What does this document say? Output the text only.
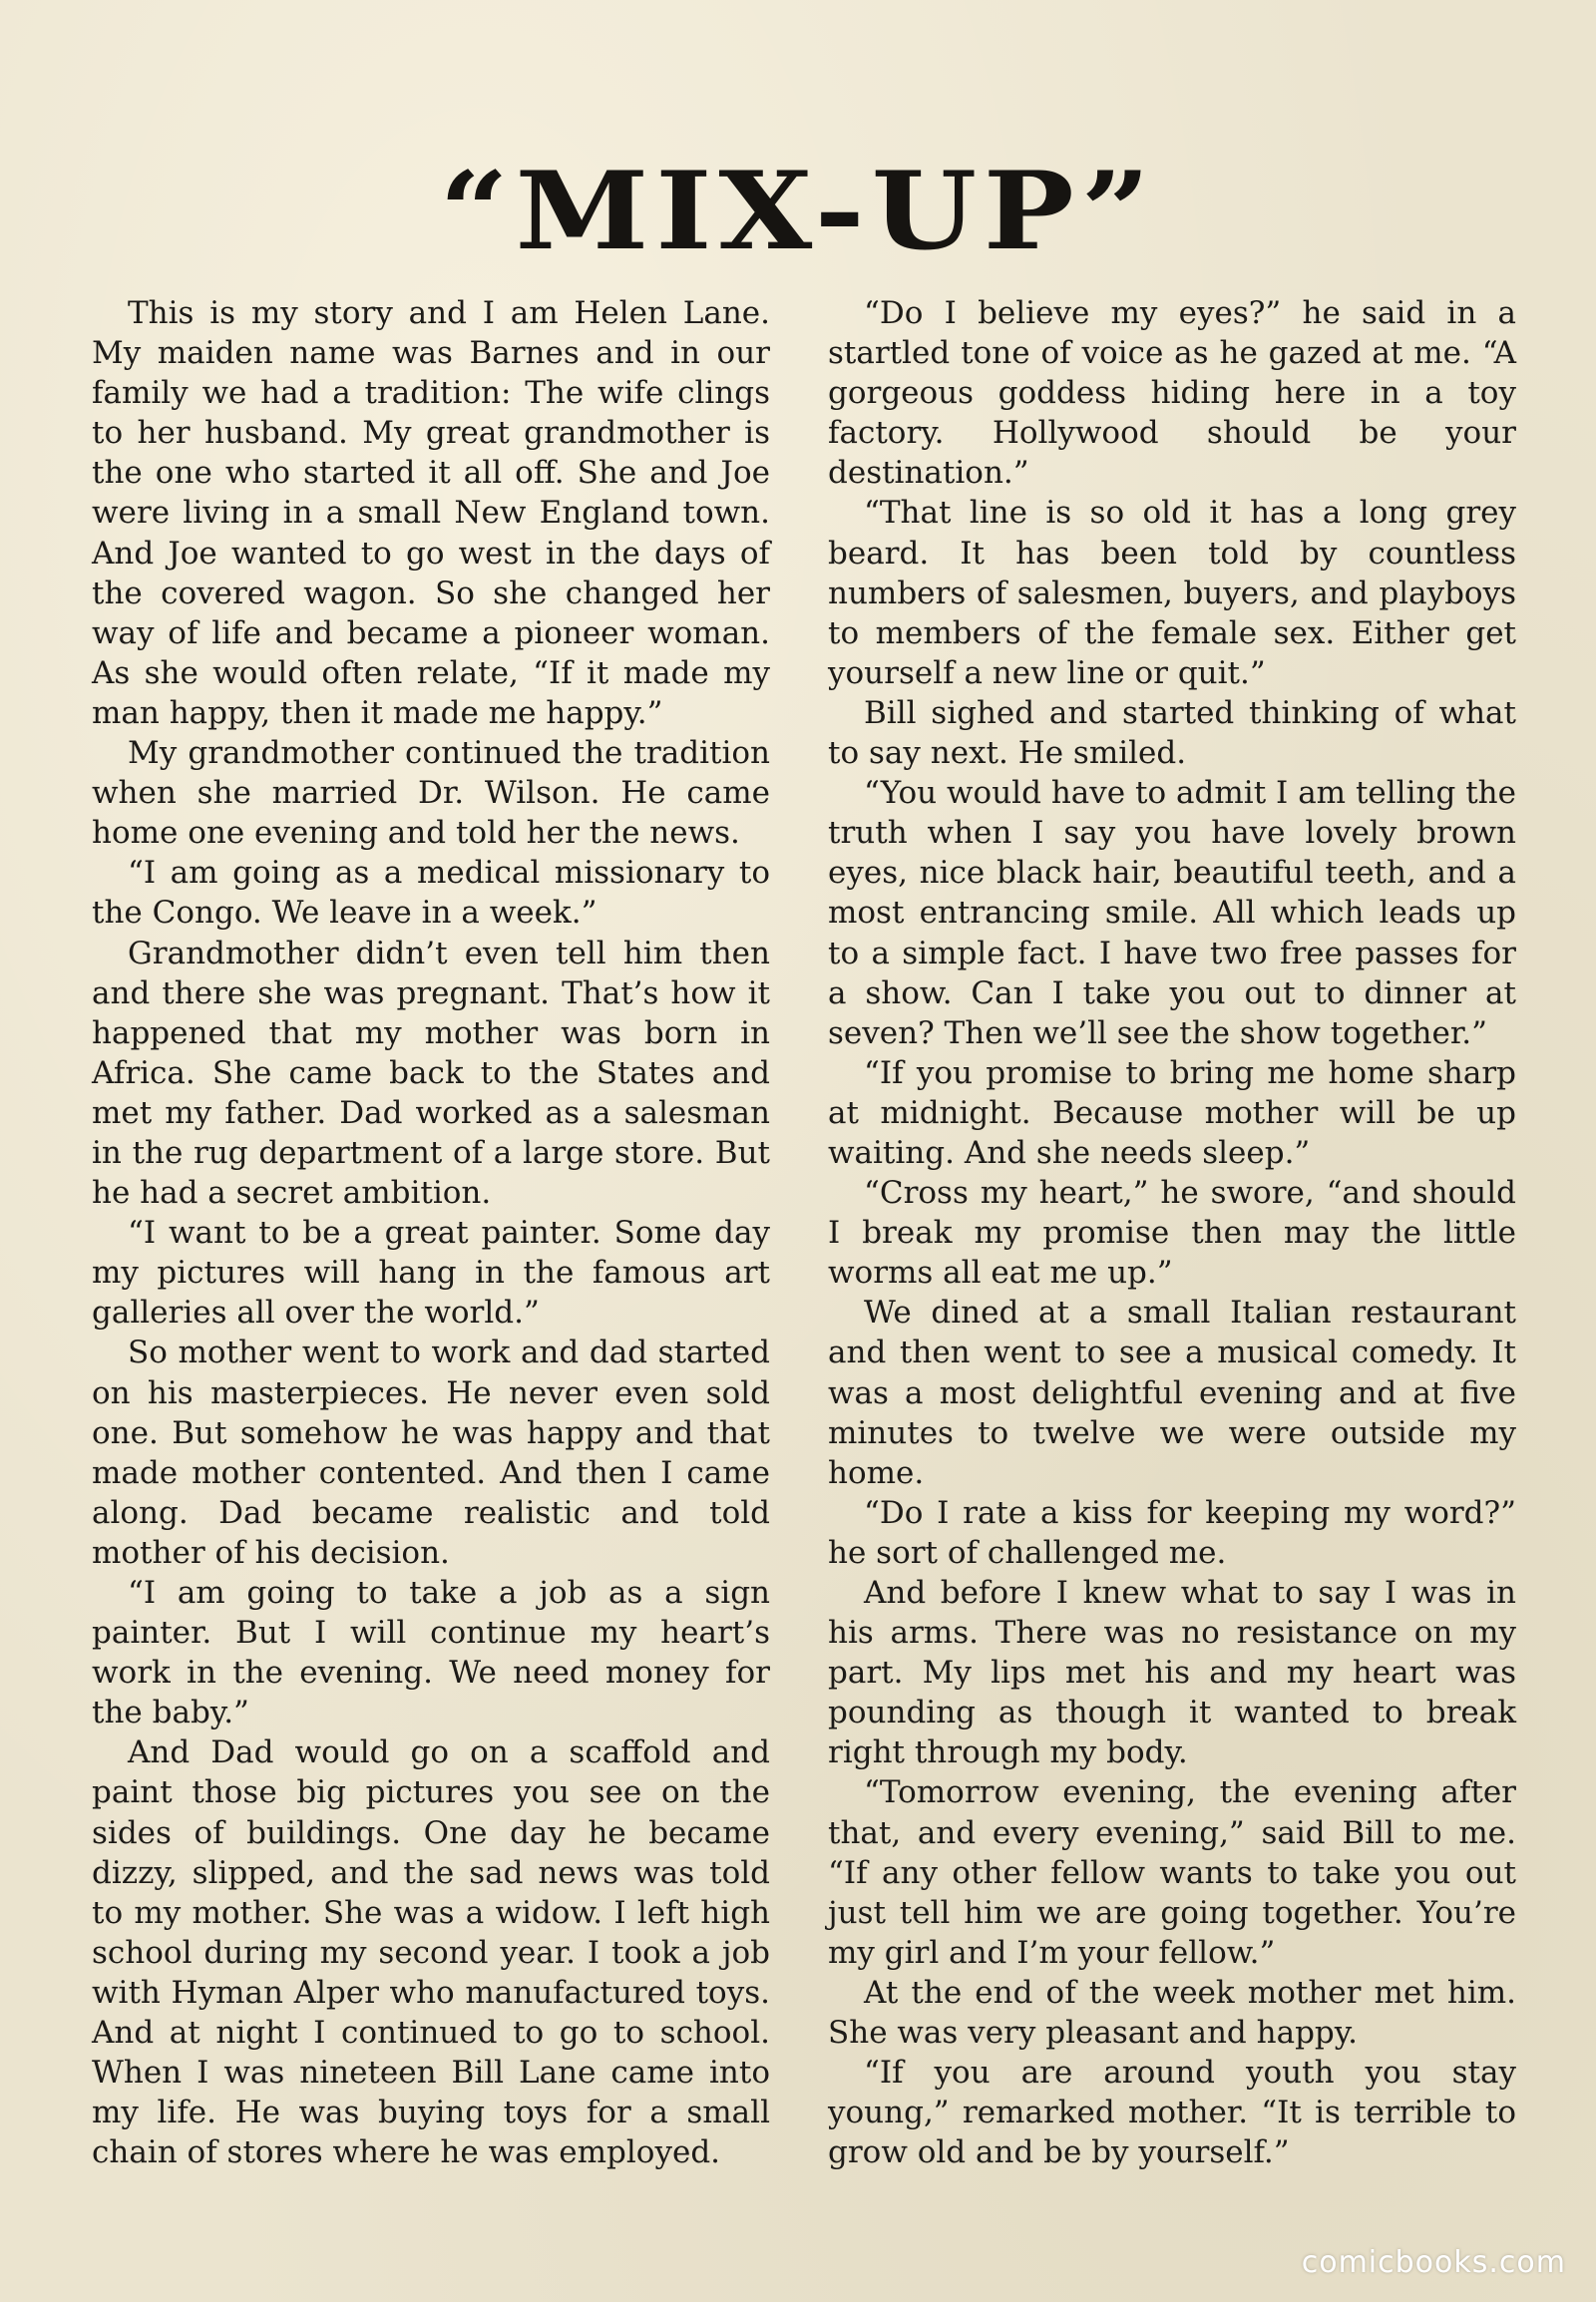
“MIX-UP”

This is my story and I am Helen Lane. My maiden name was Barnes and in our family we had a tradition: The wife clings to her husband. My great grandmother is the one who started it all off. She and Joe were living in a small New England town. And Joe wanted to go west in the days of the covered wagon. So she changed her way of life and became a pioneer woman. As she would often relate, “If it made my man happy, then it made me happy.”

My grandmother continued the tradition when she married Dr. Wilson. He came home one evening and told her the news.

“I am going as a medical missionary to the Congo. We leave in a week.”

Grandmother didn’t even tell him then and there she was pregnant. That’s how it happened that my mother was born in Africa. She came back to the States and met my father. Dad worked as a salesman in the rug department of a large store. But he had a secret ambition.

“I want to be a great painter. Some day my pictures will hang in the famous art galleries all over the world.”

So mother went to work and dad started on his masterpieces. He never even sold one. But somehow he was happy and that made mother contented. And then I came along. Dad became realistic and told mother of his decision.

“I am going to take a job as a sign painter. But I will continue my heart’s work in the evening. We need money for the baby.”

And Dad would go on a scaffold and paint those big pictures you see on the sides of buildings. One day he became dizzy, slipped, and the sad news was told to my mother. She was a widow. I left high school during my second year. I took a job with Hyman Alper who manufactured toys. And at night I continued to go to school. When I was nineteen Bill Lane came into my life. He was buying toys for a small chain of stores where he was employed.

“Do I believe my eyes?” he said in a startled tone of voice as he gazed at me. “A gorgeous goddess hiding here in a toy factory. Hollywood should be your destination.”

“That line is so old it has a long grey beard. It has been told by countless numbers of salesmen, buyers, and playboys to members of the female sex. Either get yourself a new line or quit.”

Bill sighed and started thinking of what to say next. He smiled.

“You would have to admit I am telling the truth when I say you have lovely brown eyes, nice black hair, beautiful teeth, and a most entrancing smile. All which leads up to a simple fact. I have two free passes for a show. Can I take you out to dinner at seven? Then we’ll see the show together.”

“If you promise to bring me home sharp at midnight. Because mother will be up waiting. And she needs sleep.”

“Cross my heart,” he swore, “and should I break my promise then may the little worms all eat me up.”

We dined at a small Italian restaurant and then went to see a musical comedy. It was a most delightful evening and at five minutes to twelve we were outside my home.

“Do I rate a kiss for keeping my word?” he sort of challenged me.

And before I knew what to say I was in his arms. There was no resistance on my part. My lips met his and my heart was pounding as though it wanted to break right through my body.

“Tomorrow evening, the evening after that, and every evening,” said Bill to me. “If any other fellow wants to take you out just tell him we are going together. You’re my girl and I’m your fellow.”

At the end of the week mother met him. She was very pleasant and happy.

“If you are around youth you stay young,” remarked mother. “It is terrible to grow old and be by yourself.”

comicbooks.com
